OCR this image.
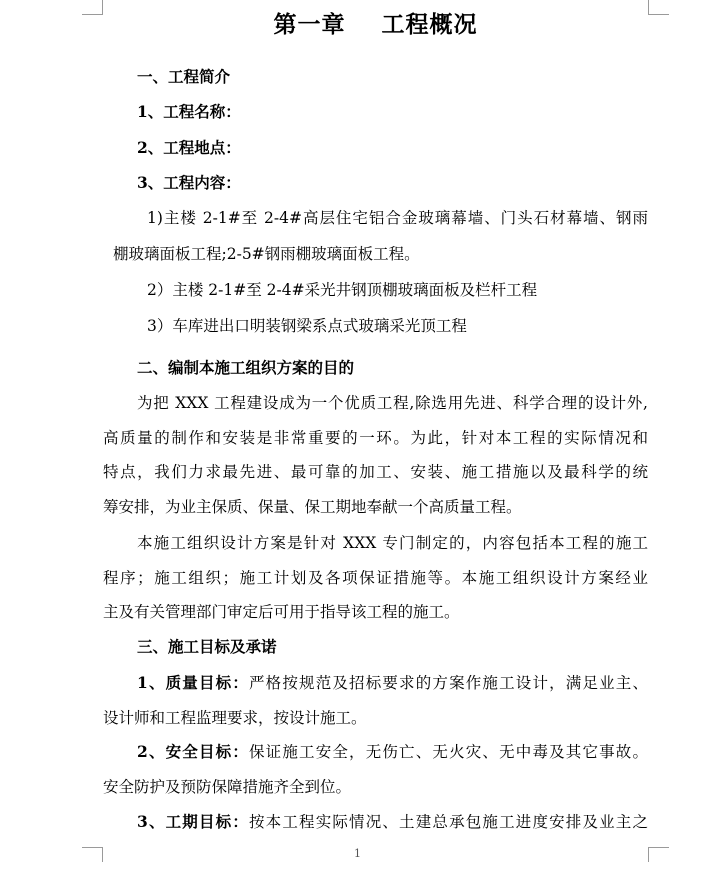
第一章    工程概况
一、工程简介
1、工程名称：
2、工程地点：
3、工程内容：
1)主楼 2-1#至 2-4#高层住宅铝合金玻璃幕墙、门头石材幕墙、钢雨
棚玻璃面板工程;2-5#钢雨棚玻璃面板工程。
2）主楼 2-1#至 2-4#采光井钢顶棚玻璃面板及栏杆工程
3）车库进出口明装钢梁系点式玻璃采光顶工程
二、编制本施工组织方案的目的
为把 XXX 工程建设成为一个优质工程,除选用先进、科学合理的设计外,
高质量的制作和安装是非常重要的一环。为此，针对本工程的实际情况和
特点，我们力求最先进、最可靠的加工、安装、施工措施以及最科学的统
筹安排，为业主保质、保量、保工期地奉献一个高质量工程。
本施工组织设计方案是针对 XXX 专门制定的，内容包括本工程的施工
程序；施工组织；施工计划及各项保证措施等。本施工组织设计方案经业
主及有关管理部门审定后可用于指导该工程的施工。
三、施工目标及承诺
1、质量目标：严格按规范及招标要求的方案作施工设计，满足业主、
设计师和工程监理要求，按设计施工。
2、安全目标：保证施工安全，无伤亡、无火灾、无中毒及其它事故。
安全防护及预防保障措施齐全到位。
3、工期目标：按本工程实际情况、土建总承包施工进度安排及业主之
1
